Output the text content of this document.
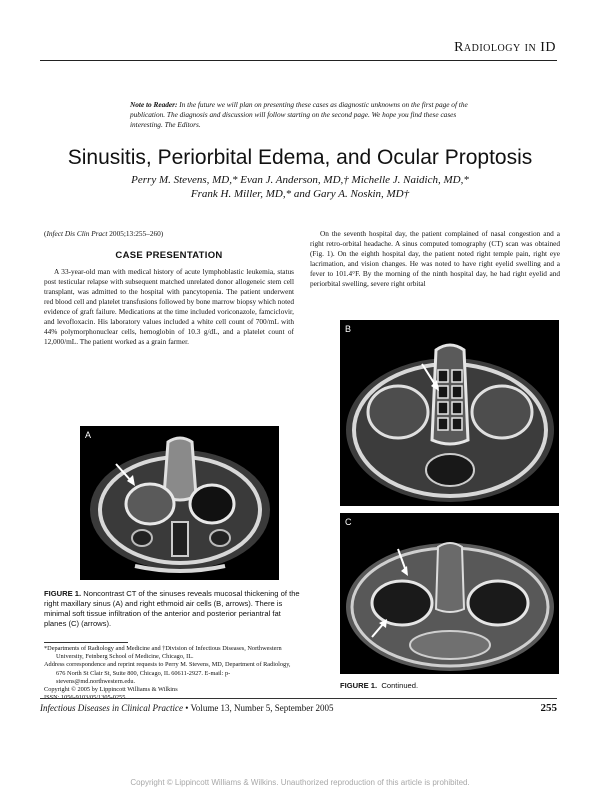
Radiology in ID
Note to Reader: In the future we will plan on presenting these cases as diagnostic unknowns on the first page of the publication. The diagnosis and discussion will follow starting on the second page. We hope you find these cases interesting. The Editors.
Sinusitis, Periorbital Edema, and Ocular Proptosis
Perry M. Stevens, MD,* Evan J. Anderson, MD,† Michelle J. Naidich, MD,*
Frank H. Miller, MD,* and Gary A. Noskin, MD†
(Infect Dis Clin Pract 2005;13:255–260)
CASE PRESENTATION

A 33-year-old man with medical history of acute lymphoblastic leukemia, status post testicular relapse with subsequent matched unrelated donor allogeneic stem cell transplant, was admitted to the hospital with pancytopenia. The patient underwent red blood cell and platelet transfusions followed by bone marrow biopsy which noted evidence of graft failure. Medications at the time included voriconazole, famciclovir, and levofloxacin. His laboratory values included a white cell count of 700/mL with 44% polymorphonuclear cells, hemoglobin of 10.3 g/dL, and a platelet count of 12,000/mL. The patient worked as a grain farmer.

On the seventh hospital day, the patient complained of nasal congestion and a right retro-orbital headache. A sinus computed tomography (CT) scan was obtained (Fig. 1). On the eighth hospital day, the patient noted right temple pain, right eye lacrimation, and vision changes. He was noted to have right eyelid swelling and a fever to 101.4°F. By the morning of the ninth hospital day, he had right eyelid and periorbital swelling, severe right orbital

A
B
C
FIGURE 1. Noncontrast CT of the sinuses reveals mucosal thickening of the right maxillary sinus (A) and right ethmoid air cells (B, arrows). There is minimal soft tissue infiltration of the anterior and posterior periantral fat planes (C) (arrows).
FIGURE 1. Continued.

*Departments of Radiology and Medicine and †Division of Infectious Diseases, Northwestern University, Feinberg School of Medicine, Chicago, IL.

Address correspondence and reprint requests to Perry M. Stevens, MD, Department of Radiology, 676 North St Clair St, Suite 800, Chicago, IL 60611-2927. E-mail: p-stevens@md.northwestern.edu.

Copyright © 2005 by Lippincott Williams & Wilkins

ISSN: 1056-9103/05/1305-0255

Infectious Diseases in Clinical Practice • Volume 13, Number 5, September 2005	255
Copyright © Lippincott Williams & Wilkins. Unauthorized reproduction of this article is prohibited.
